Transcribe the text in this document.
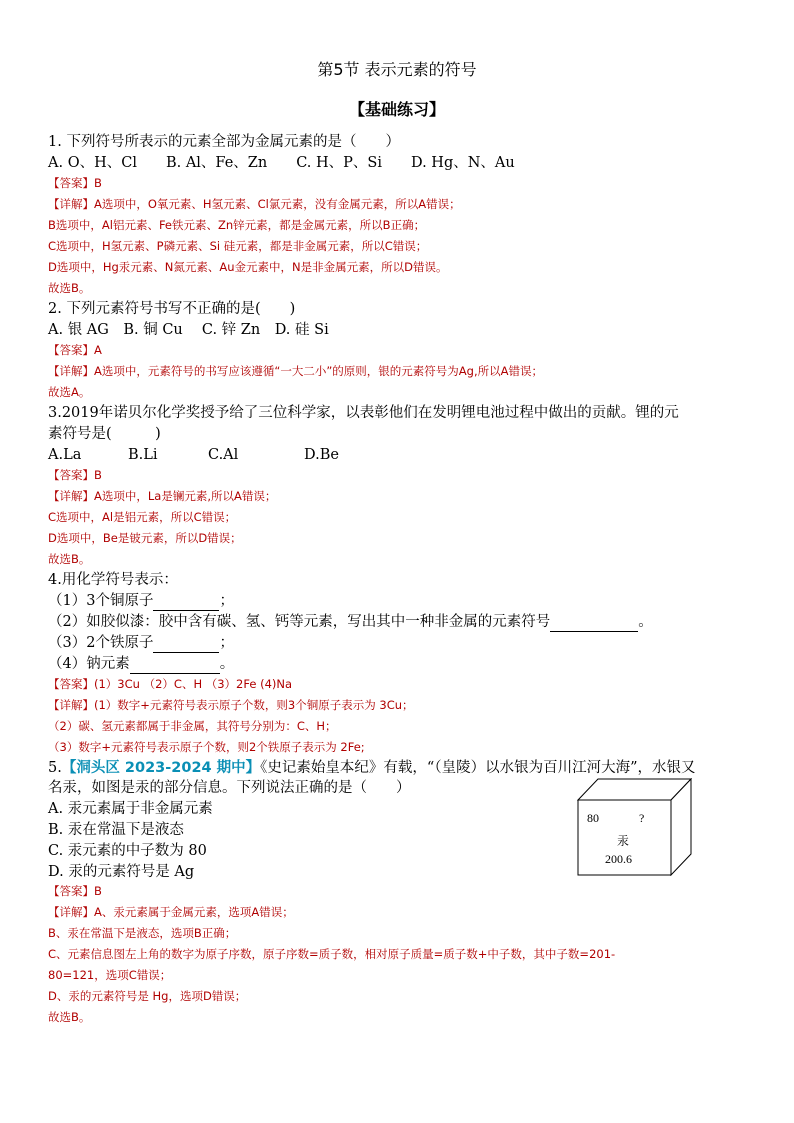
第5节 表示元素的符号
【基础练习】
1. 下列符号所表示的元素全部为金属元素的是（　　）
A. O、H、Cl　　B. Al、Fe、Zn　　C. H、P、Si　　D. Hg、N、Au
【答案】B
【详解】A选项中，O氧元素、H氢元素、Cl氯元素，没有金属元素，所以A错误；
B选项中，Al铝元素、Fe铁元素、Zn锌元素，都是金属元素，所以B正确；
C选项中，H氢元素、P磷元素、Si 硅元素，都是非金属元素，所以C错误；
D选项中，Hg汞元素、N氮元素、Au金元素中，N是非金属元素，所以D错误。
故选B。
2. 下列元素符号书写不正确的是(　　)
A. 银 AG　B. 铜 Cu　 C. 锌 Zn　D. 硅 Si
【答案】A
【详解】A选项中，元素符号的书写应该遵循“一大二小”的原则，银的元素符号为Ag,所以A错误；
故选A。
3.2019年诺贝尔化学奖授予给了三位科学家，以表彰他们在发明锂电池过程中做出的贡献。锂的元
素符号是(　　　)
A.La	B.Li	C.Al	D.Be
【答案】B
【详解】A选项中，La是镧元素,所以A错误；
C选项中，Al是铝元素，所以C错误；
D选项中，Be是铍元素，所以D错误；
故选B。
4.用化学符号表示：
（1）3个铜原子	；
（2）如胶似漆：胶中含有碳、氢、钙等元素，写出其中一种非金属的元素符号	。
（3）2个铁原子	；
（4）钠元素	。
【答案】(1）3Cu （2）C、H （3）2Fe (4)Na
【详解】(1）数字+元素符号表示原子个数，则3个铜原子表示为 3Cu；
（2）碳、氢元素都属于非金属，其符号分别为：C、H；
（3）数字+元素符号表示原子个数，则2个铁原子表示为 2Fe;
5.【洞头区 2023-2024 期中】《史记素始皇本纪》有载，“（皇陵）以水银为百川江河大海”，水银又
名汞，如图是汞的部分信息。下列说法正确的是（　　）
A. 汞元素属于非金属元素
B. 汞在常温下是液态
C. 汞元素的中子数为 80
D. 汞的元素符号是 Ag
80	?
汞
200.6
【答案】B
【详解】A、汞元素属于金属元素，选项A错误；
B、汞在常温下是液态，选项B正确；
C、元素信息图左上角的数字为原子序数，原子序数=质子数，相对原子质量=质子数+中子数，其中子数=201-
80=121，选项C错误；
D、汞的元素符号是 Hg，选项D错误；
故选B。
